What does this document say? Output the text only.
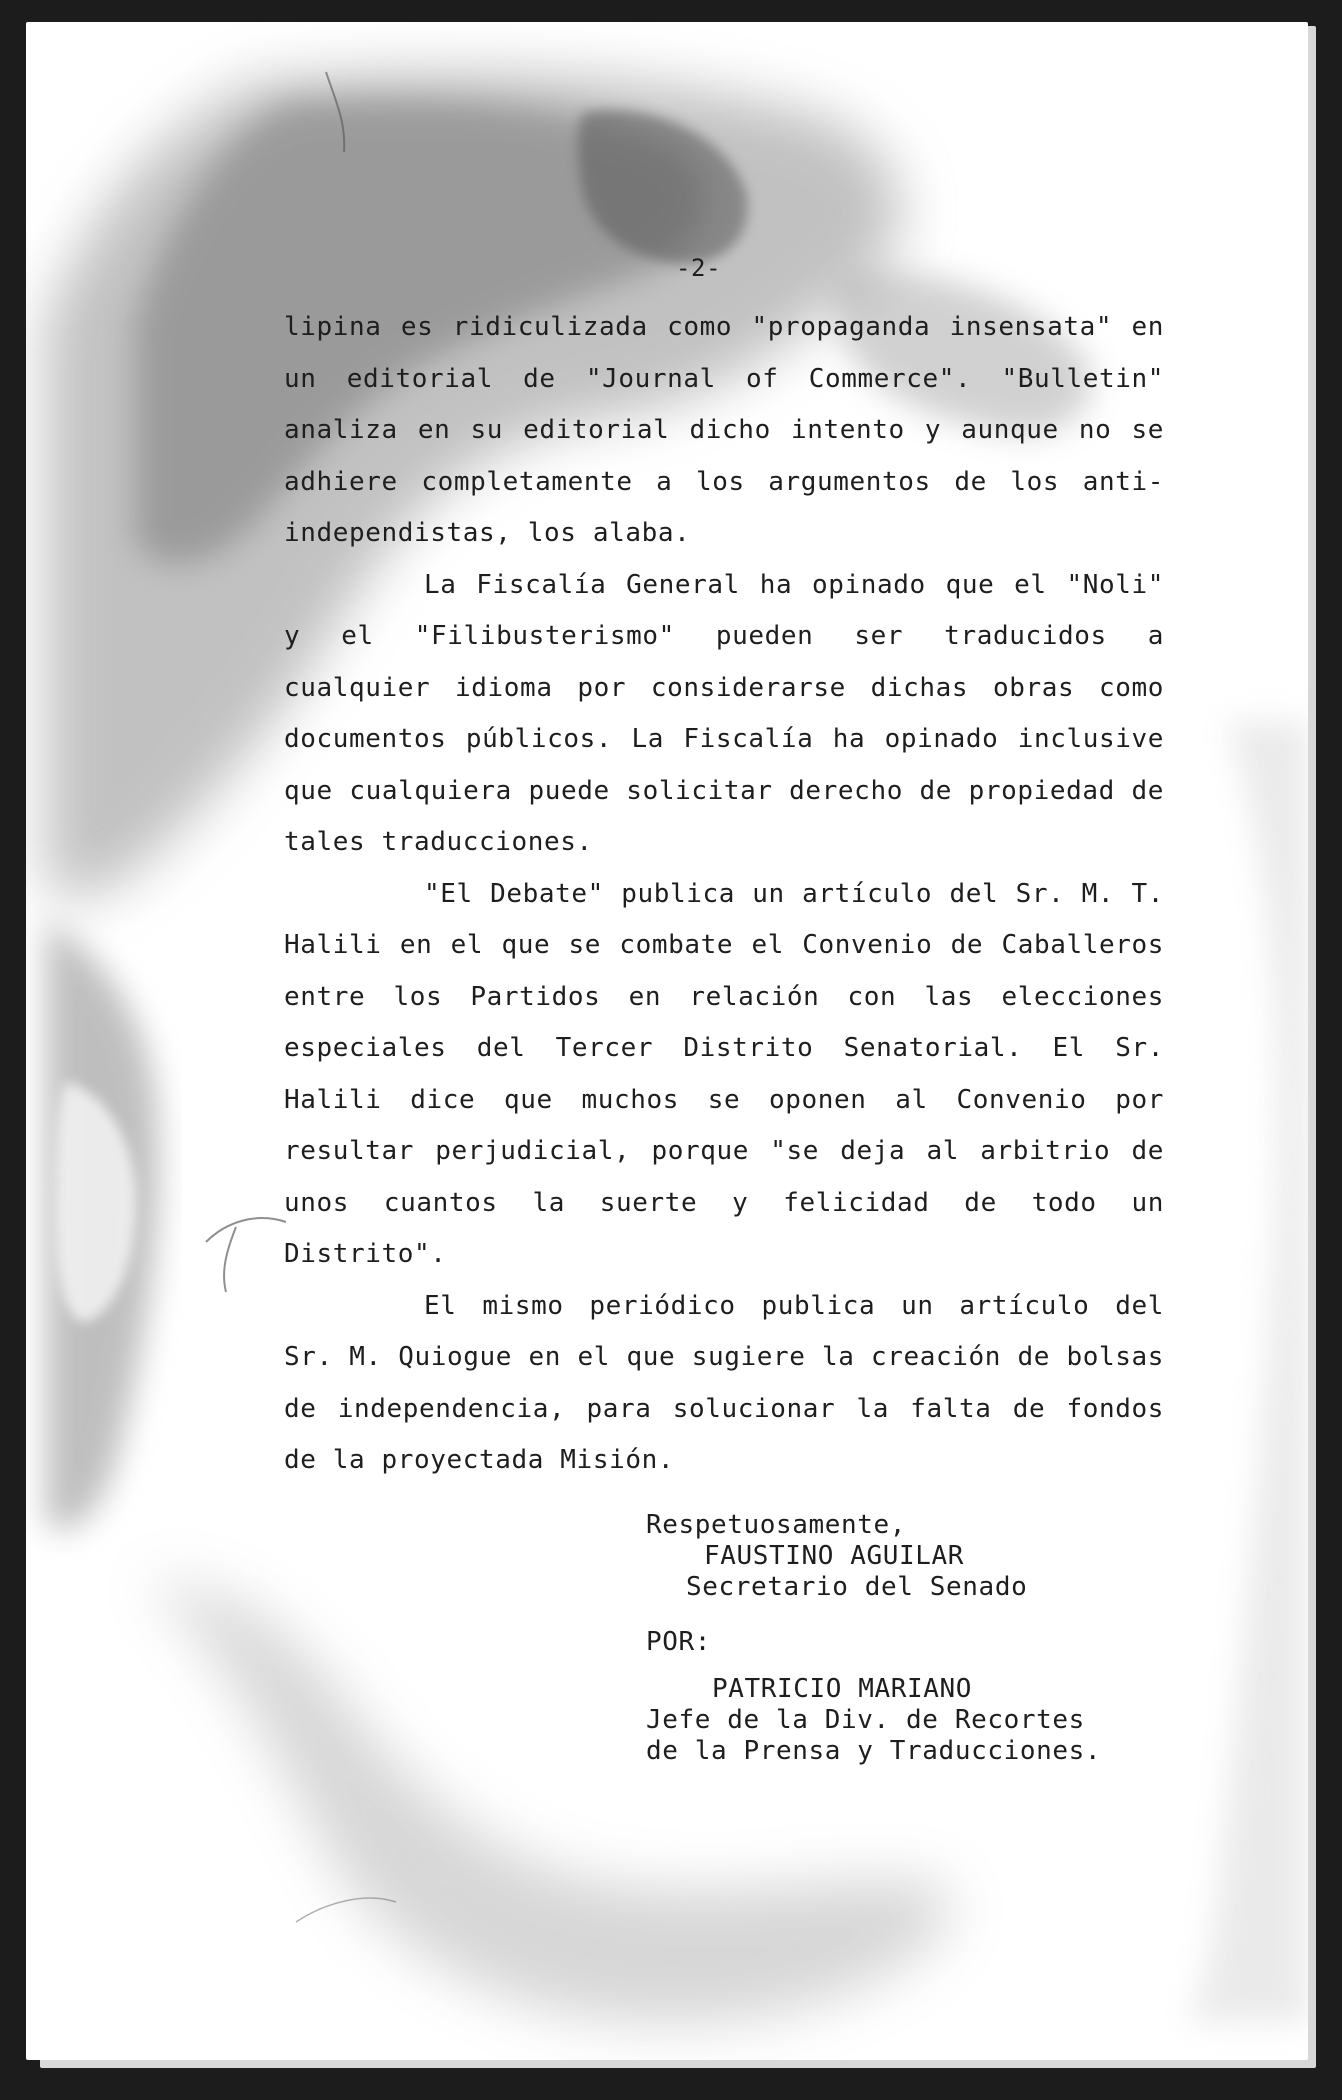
-2-

lipina es ridiculizada como "propaganda insensata" en un editorial de "Journal of Commerce". "Bulletin" analiza en su editorial dicho intento y aunque no se adhiere completamente a los argumentos de los anti-independistas, los alaba.

La Fiscalía General ha opinado que el "Noli" y el "Filibusterismo" pueden ser traducidos a cualquier idioma por considerarse dichas obras como documentos públicos. La Fiscalía ha opinado inclusive que cualquiera puede solicitar derecho de propiedad de tales traducciones.

"El Debate" publica un artículo del Sr. M. T. Halili en el que se combate el Convenio de Caballeros entre los Partidos en relación con las elecciones especiales del Tercer Distrito Senatorial. El Sr. Halili dice que muchos se oponen al Convenio por resultar perjudicial, porque "se deja al arbitrio de unos cuantos la suerte y felicidad de todo un Distrito".

El mismo periódico publica un artículo del Sr. M. Quiogue en el que sugiere la creación de bolsas de independencia, para solucionar la falta de fondos de la proyectada Misión.

Respetuosamente,
FAUSTINO AGUILAR
Secretario del Senado
POR:
PATRICIO MARIANO
Jefe de la Div. de Recortes
de la Prensa y Traducciones.
